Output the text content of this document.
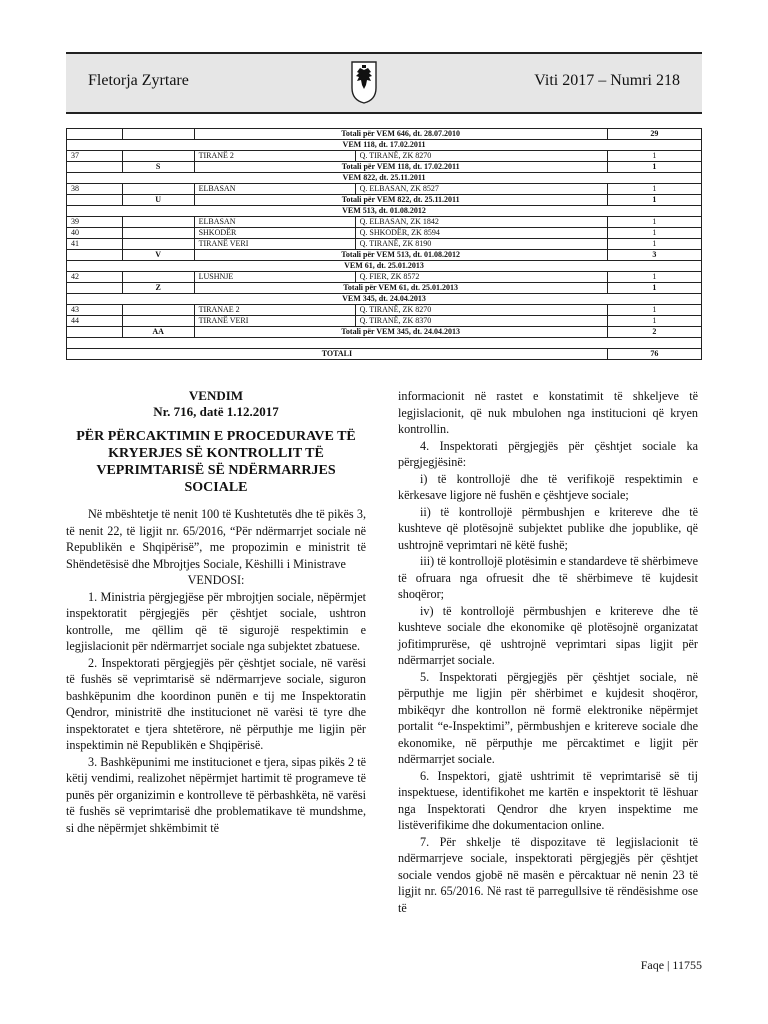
Fletorja Zyrtare	Viti 2017 – Numri 218
		Totali për VEM 646, dt. 28.07.2010		29
VEM 118, dt. 17.02.2011				
37		TIRANË 2	Q. TIRANË, ZK 8270	1
	S	Totali për VEM 118, dt. 17.02.2011		1
VEM 822, dt. 25.11.2011				
38		ELBASAN	Q. ELBASAN, ZK 8527	1
	U	Totali për VEM 822, dt. 25.11.2011		1
VEM 513, dt. 01.08.2012				
39		ELBASAN	Q. ELBASAN, ZK 1842	1
40		SHKODËR	Q. SHKODËR, ZK 8594	1
41		TIRANË VERI	Q. TIRANË, ZK 8190	1
	V	Totali për VEM 513, dt. 01.08.2012		3
VEM 61, dt. 25.01.2013				
42		LUSHNJE	Q. FIER, ZK 8572	1
	Z	Totali për VEM 61, dt. 25.01.2013		1
VEM 345, dt. 24.04.2013				
43		TIRANAE 2	Q. TIRANË, ZK 8270	1
44		TIRANË VERI	Q. TIRANË, ZK 8370	1
	AA	Totali për VEM 345, dt. 24.04.2013		2

TOTALI				76
VENDIM
Nr. 716, datë 1.12.2017
PËR PËRCAKTIMIN E PROCEDURAVE TË KRYERJES SË KONTROLLIT TË VEPRIMTARISË SË NDËRMARRJES SOCIALE

Në mbështetje të nenit 100 të Kushtetutës dhe të pikës 3, të nenit 22, të ligjit nr. 65/2016, “Për ndërmarrjet sociale në Republikën e Shqipërisë”, me propozimin e ministrit të Shëndetësisë dhe Mbrojtjes Sociale, Këshilli i Ministrave

VENDOSI:

1. Ministria përgjegjëse për mbrojtjen sociale, nëpërmjet inspektoratit përgjegjës për çështjet sociale, ushtron kontrolle, me qëllim që të sigurojë respektimin e legjislacionit për ndërmarrjet sociale nga subjektet zbatuese.

2. Inspektorati përgjegjës për çështjet sociale, në varësi të fushës së veprimtarisë së ndërmarrjeve sociale, siguron bashkëpunim dhe koordinon punën e tij me Inspektoratin Qendror, ministritë dhe institucionet në varësi të tyre dhe inspektoratet e tjera shtetërore, në përputhje me ligjin për inspektimin në Republikën e Shqipërisë.

3. Bashkëpunimi me institucionet e tjera, sipas pikës 2 të këtij vendimi, realizohet nëpërmjet hartimit të programeve të punës për organizimin e kontrolleve të përbashkëta, në varësi të fushës së veprimtarisë dhe problematikave të mundshme, si dhe nëpërmjet shkëmbimit të

informacionit në rastet e konstatimit të shkeljeve të legjislacionit, që nuk mbulohen nga institucioni që kryen kontrollin.

4. Inspektorati përgjegjës për çështjet sociale ka përgjegjësinë:

i) të kontrollojë dhe të verifikojë respektimin e kërkesave ligjore në fushën e çështjeve sociale;

ii) të kontrollojë përmbushjen e kritereve dhe të kushteve që plotësojnë subjektet publike dhe jopublike, që ushtrojnë veprimtari në këtë fushë;

iii) të kontrollojë plotësimin e standardeve të shërbimeve të ofruara nga ofruesit dhe të shërbimeve të kujdesit shoqëror;

iv) të kontrollojë përmbushjen e kritereve dhe të kushteve sociale dhe ekonomike që plotësojnë organizatat jofitimprurëse, që ushtrojnë veprimtari sipas ligjit për ndërmarrjet sociale.

5. Inspektorati përgjegjës për çështjet sociale, në përputhje me ligjin për shërbimet e kujdesit shoqëror, mbikëqyr dhe kontrollon në formë elektronike nëpërmjet portalit “e-Inspektimi”, përmbushjen e kritereve sociale dhe ekonomike, në përputhje me përcaktimet e ligjit për ndërmarrjet sociale.

6. Inspektori, gjatë ushtrimit të veprimtarisë së tij inspektuese, identifikohet me kartën e inspektorit të lëshuar nga Inspektorati Qendror dhe kryen inspektime me listëverifikime dhe dokumentacion online.

7. Për shkelje të dispozitave të legjislacionit të ndërmarrjeve sociale, inspektorati përgjegjës për çështjet sociale vendos gjobë në masën e përcaktuar në nenin 23 të ligjit nr. 65/2016. Në rast të parregullsive të rëndësishme ose të

Faqe | 11755
